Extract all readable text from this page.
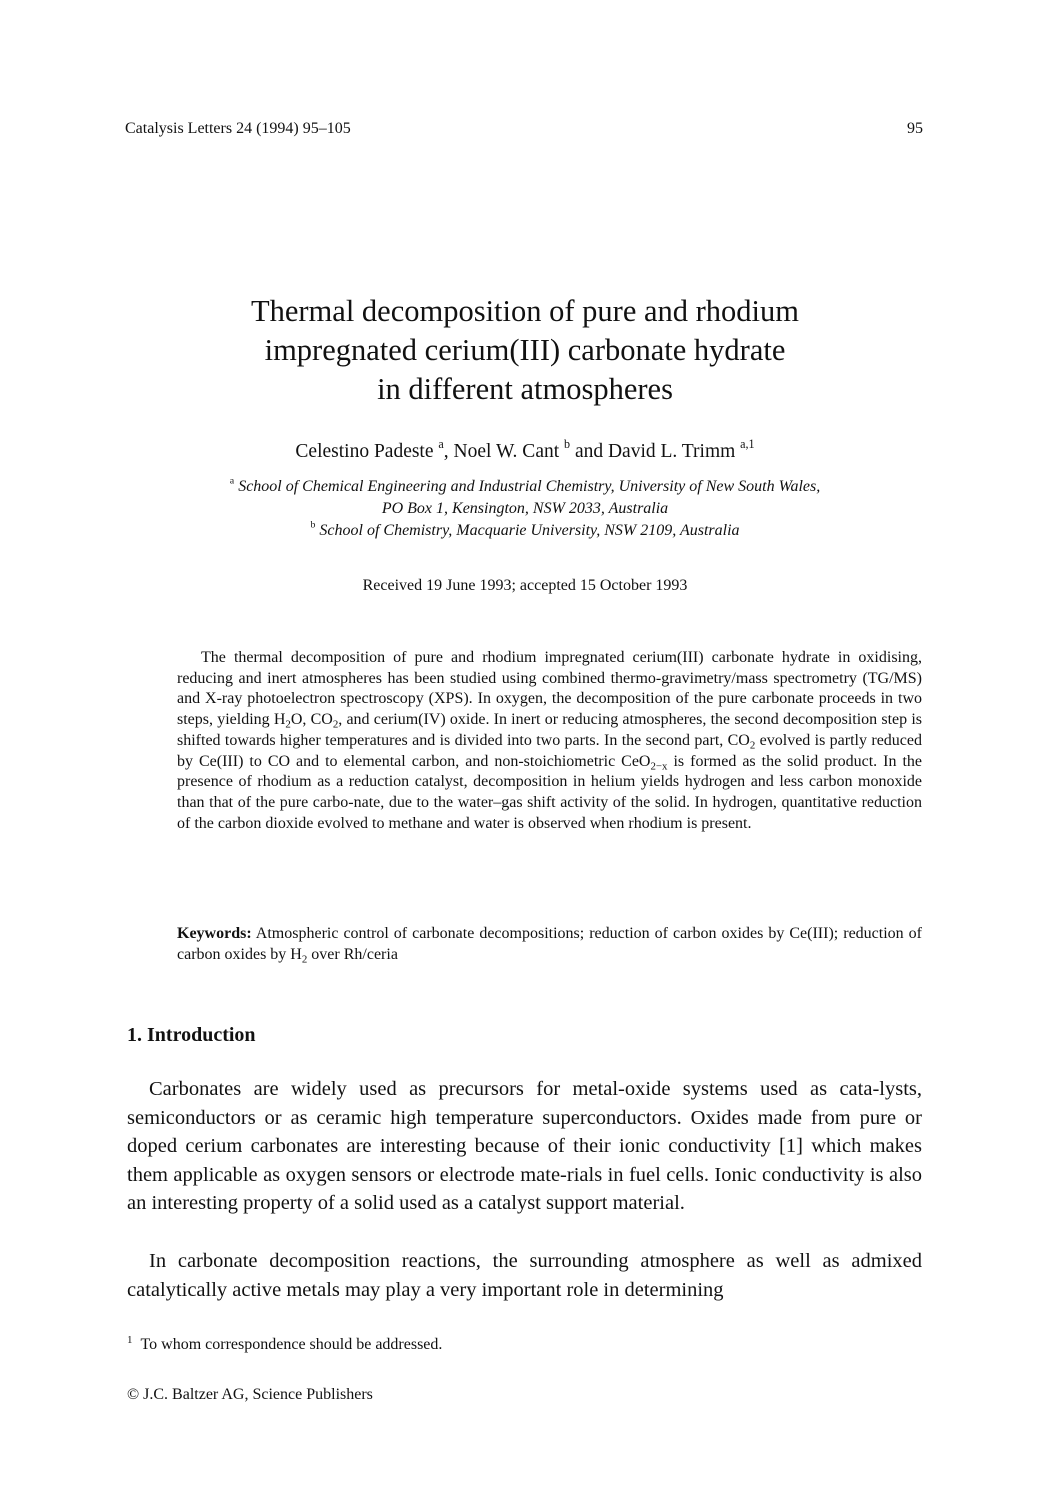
Catalysis Letters 24 (1994) 95–105	95
Thermal decomposition of pure and rhodium
impregnated cerium(III) carbonate hydrate
in different atmospheres
Celestino Padeste $^a$, Noel W. Cant $^b$ and David L. Trimm $^{a,1}$
$^a$ School of Chemical Engineering and Industrial Chemistry, University of New South Wales,
PO Box 1, Kensington, NSW 2033, Australia
$^b$ School of Chemistry, Macquarie University, NSW 2109, Australia
Received 19 June 1993; accepted 15 October 1993

The thermal decomposition of pure and rhodium impregnated cerium(III) carbonate hydrate in oxidising, reducing and inert atmospheres has been studied using combined thermo-gravimetry/mass spectrometry (TG/MS) and X-ray photoelectron spectroscopy (XPS). In oxygen, the decomposition of the pure carbonate proceeds in two steps, yielding $H_2O$, $CO_2$, and cerium(IV) oxide. In inert or reducing atmospheres, the second decomposition step is shifted towards higher temperatures and is divided into two parts. In the second part, $CO_2$ evolved is partly reduced by Ce(III) to CO and to elemental carbon, and non-stoichiometric CeO$_{2-x}$ is formed as the solid product. In the presence of rhodium as a reduction catalyst, decomposition in helium yields hydrogen and less carbon monoxide than that of the pure carbo-nate, due to the water–gas shift activity of the solid. In hydrogen, quantitative reduction of the carbon dioxide evolved to methane and water is observed when rhodium is present.

Keywords: Atmospheric control of carbonate decompositions; reduction of carbon oxides by Ce(III); reduction of carbon oxides by $H_2$ over Rh/ceria

1. Introduction

Carbonates are widely used as precursors for metal-oxide systems used as cata-lysts, semiconductors or as ceramic high temperature superconductors. Oxides made from pure or doped cerium carbonates are interesting because of their ionic conductivity [1] which makes them applicable as oxygen sensors or electrode mate-rials in fuel cells. Ionic conductivity is also an interesting property of a solid used as a catalyst support material.

In carbonate decomposition reactions, the surrounding atmosphere as well as admixed catalytically active metals may play a very important role in determining

$^1$ To whom correspondence should be addressed.
© J.C. Baltzer AG, Science Publishers
